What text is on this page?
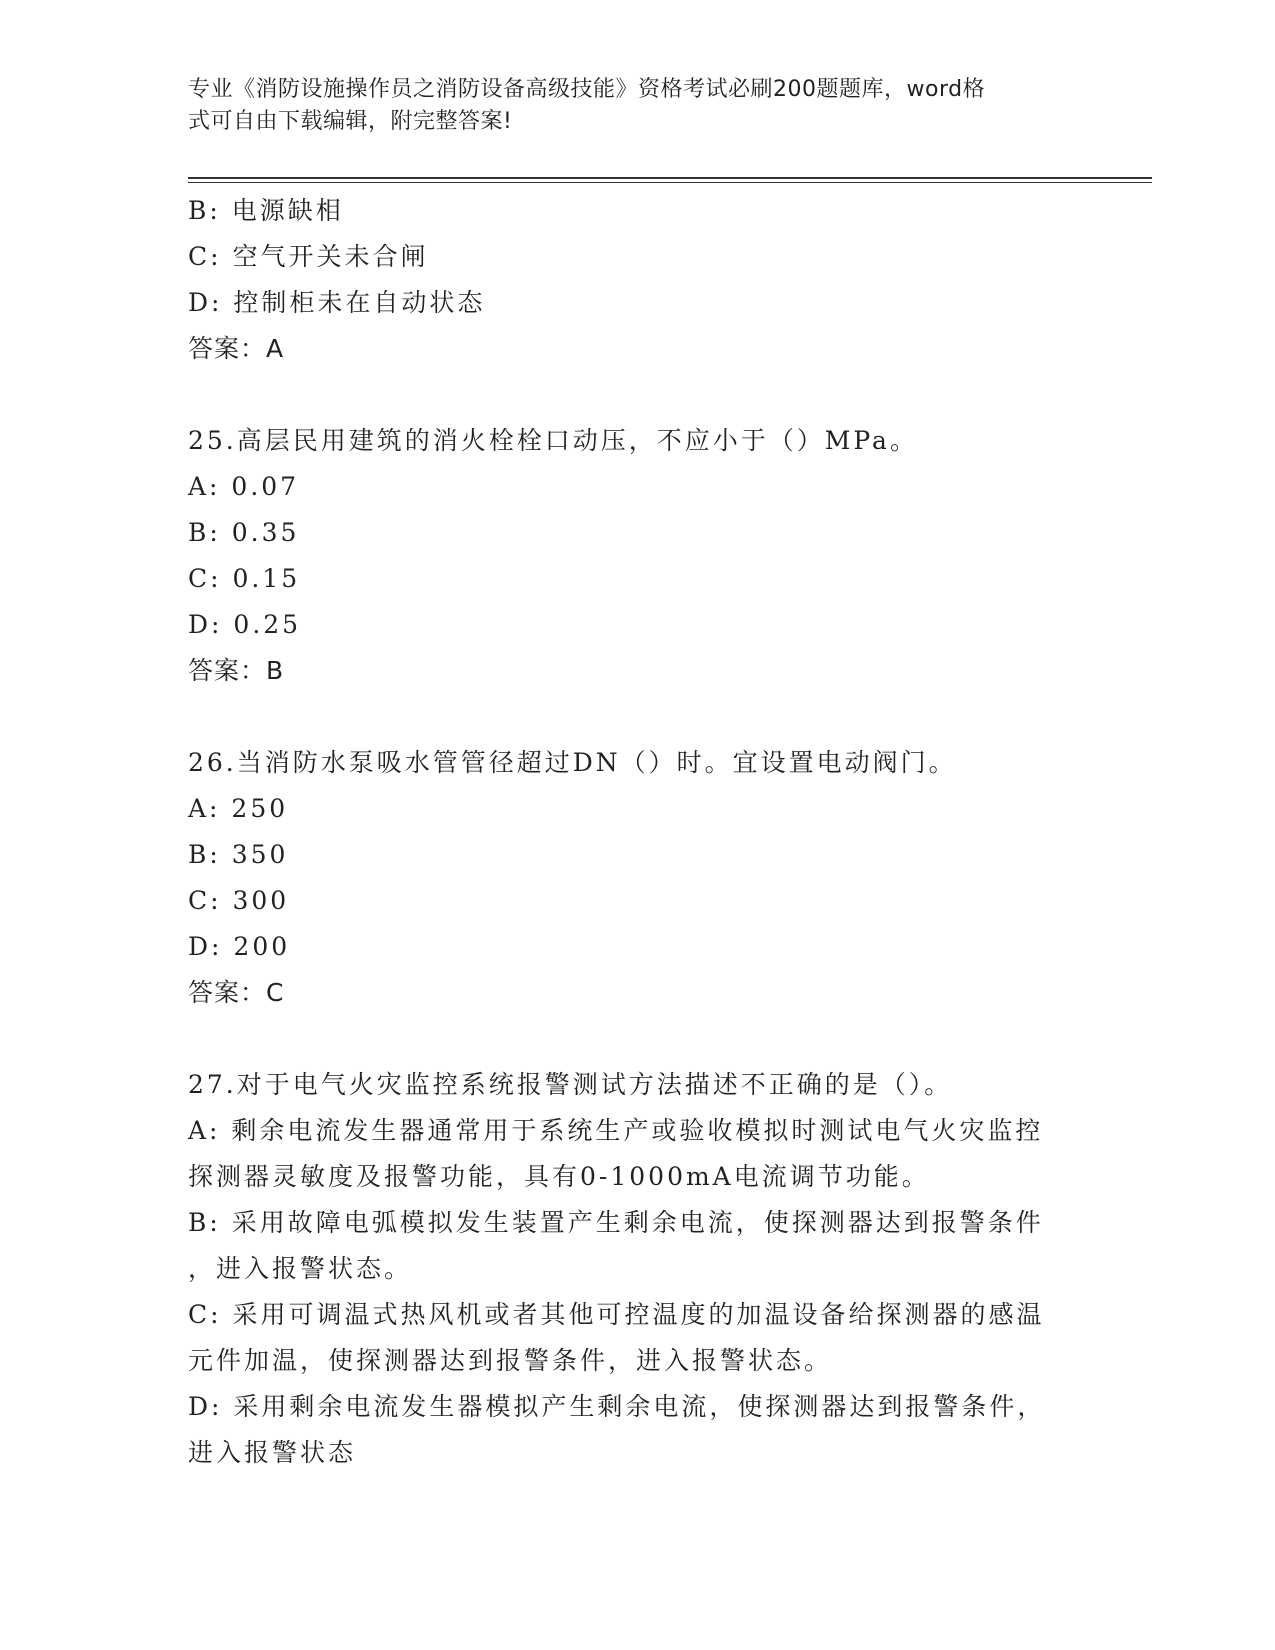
专业《消防设施操作员之消防设备高级技能》资格考试必刷200题题库，word格
式可自由下载编辑，附完整答案!
B: 电源缺相
C: 空气开关未合闸
D: 控制柜未在自动状态
答案：A
25.高层民用建筑的消火栓栓口动压，不应小于（）MPa。
A: 0.07
B: 0.35
C: 0.15
D: 0.25
答案：B
26.当消防水泵吸水管管径超过DN（）时。宜设置电动阀门。
A: 250
B: 350
C: 300
D: 200
答案：C
27.对于电气火灾监控系统报警测试方法描述不正确的是（）。
A: 剩余电流发生器通常用于系统生产或验收模拟时测试电气火灾监控
探测器灵敏度及报警功能，具有0-1000mA电流调节功能。
B: 采用故障电弧模拟发生装置产生剩余电流，使探测器达到报警条件
，进入报警状态。
C: 采用可调温式热风机或者其他可控温度的加温设备给探测器的感温
元件加温，使探测器达到报警条件，进入报警状态。
D: 采用剩余电流发生器模拟产生剩余电流，使探测器达到报警条件，
进入报警状态
